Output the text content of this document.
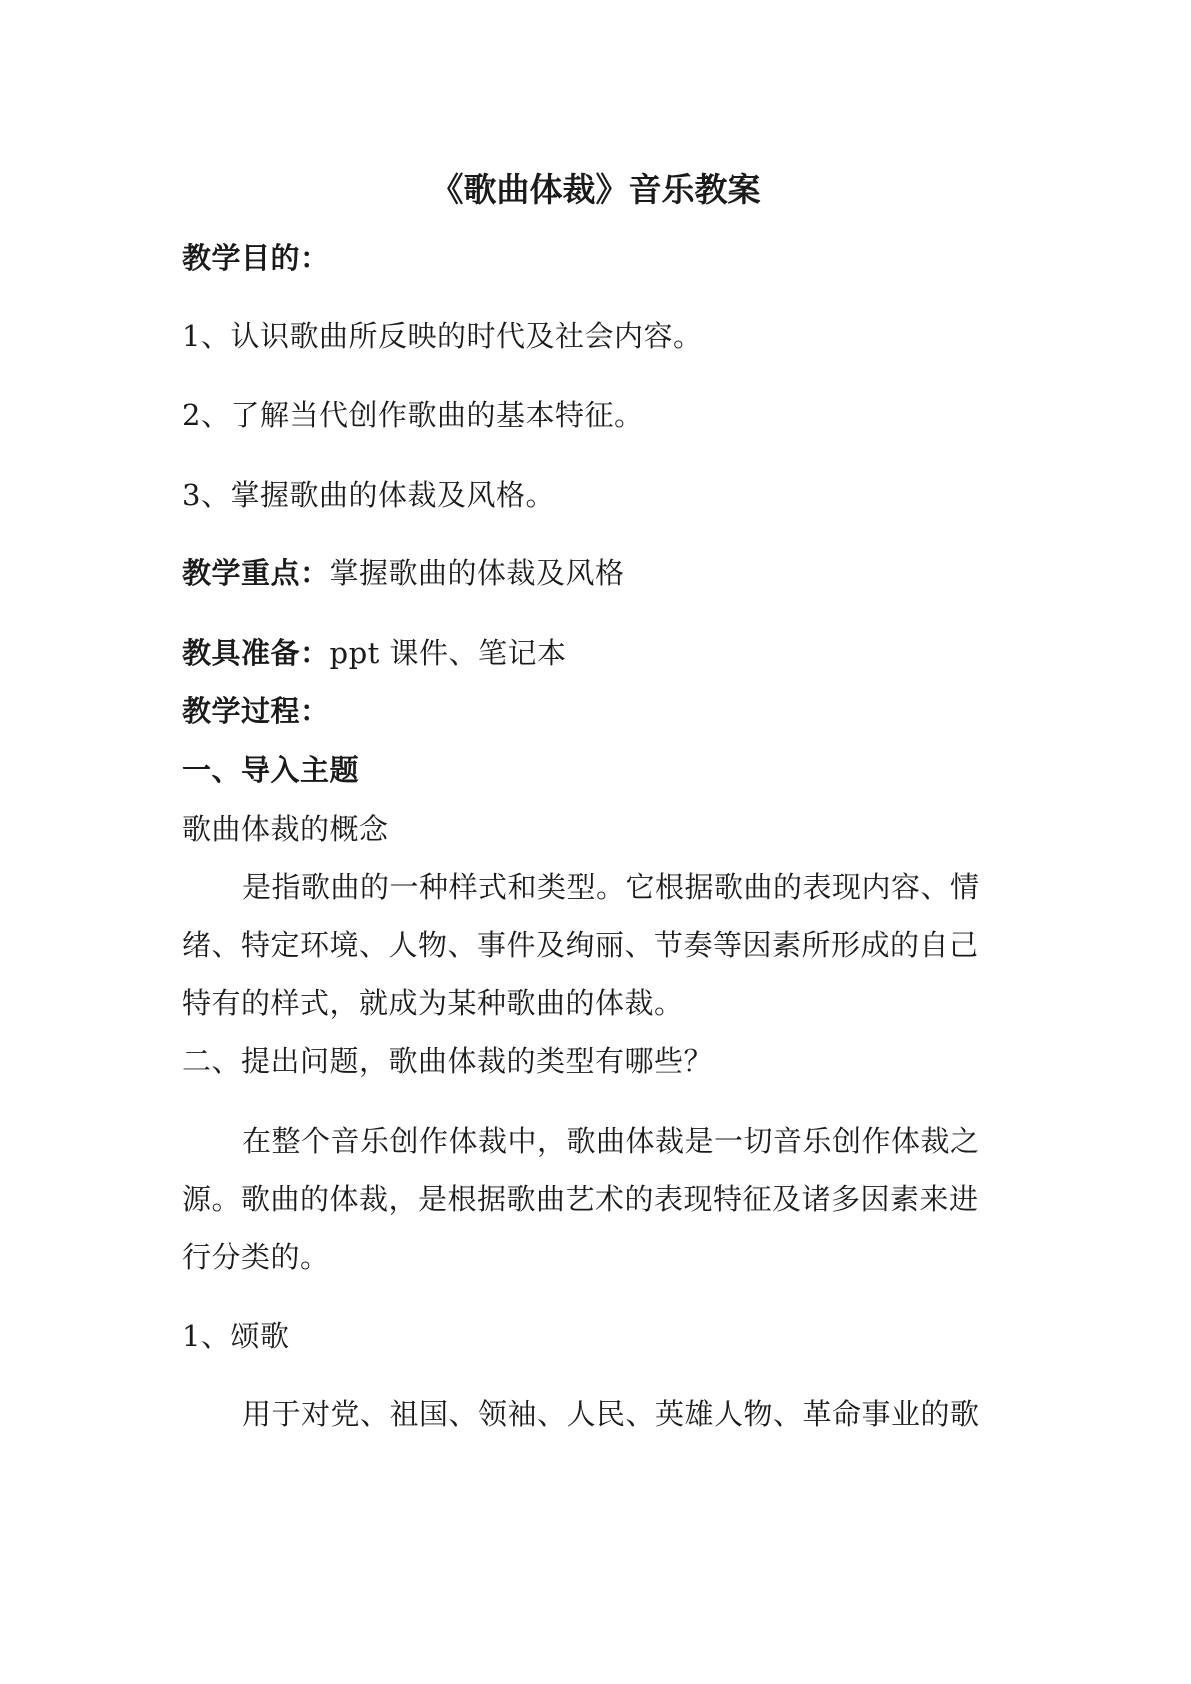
《歌曲体裁》音乐教案
教学目的：
1、认识歌曲所反映的时代及社会内容。
2、了解当代创作歌曲的基本特征。
3、掌握歌曲的体裁及风格。
教学重点：掌握歌曲的体裁及风格
教具准备：ppt 课件、笔记本
教学过程：
一、导入主题
歌曲体裁的概念
是指歌曲的一种样式和类型。它根据歌曲的表现内容、情
绪、特定环境、人物、事件及绚丽、节奏等因素所形成的自己
特有的样式，就成为某种歌曲的体裁。
二、提出问题，歌曲体裁的类型有哪些？
在整个音乐创作体裁中，歌曲体裁是一切音乐创作体裁之
源。歌曲的体裁，是根据歌曲艺术的表现特征及诸多因素来进
行分类的。
1、颂歌
用于对党、祖国、领袖、人民、英雄人物、革命事业的歌
